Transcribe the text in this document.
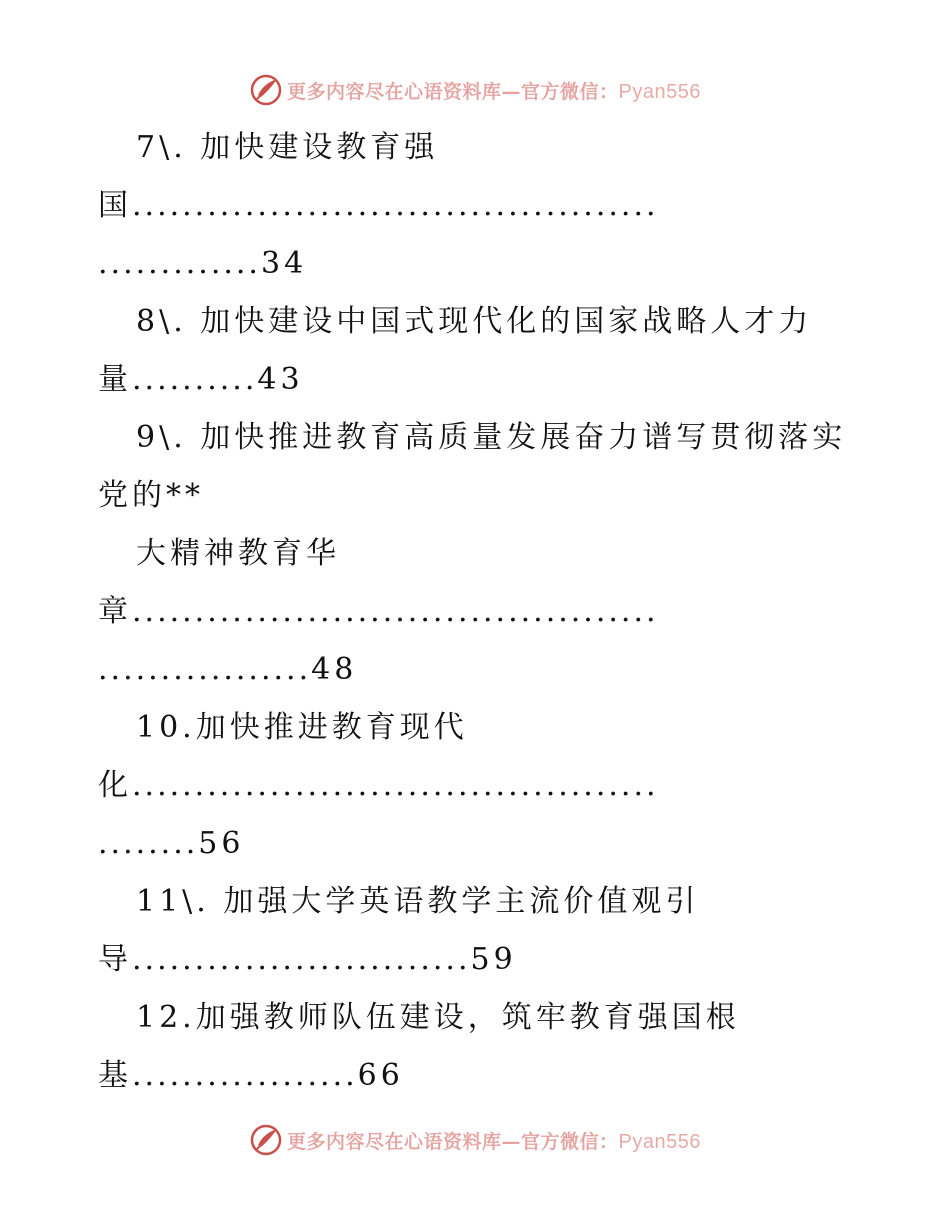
更多内容尽在心语资料库—官方微信：Pyan556
7\. 加快建设教育强
国..........................................
.............34
8\. 加快建设中国式现代化的国家战略人才力
量..........43
9\. 加快推进教育高质量发展奋力谱写贯彻落实
党的**
大精神教育华
章..........................................
.................48
10.加快推进教育现代
化..........................................
........56
11\. 加强大学英语教学主流价值观引
导...........................59
12.加强教师队伍建设，筑牢教育强国根
基..................66
更多内容尽在心语资料库—官方微信：Pyan556
